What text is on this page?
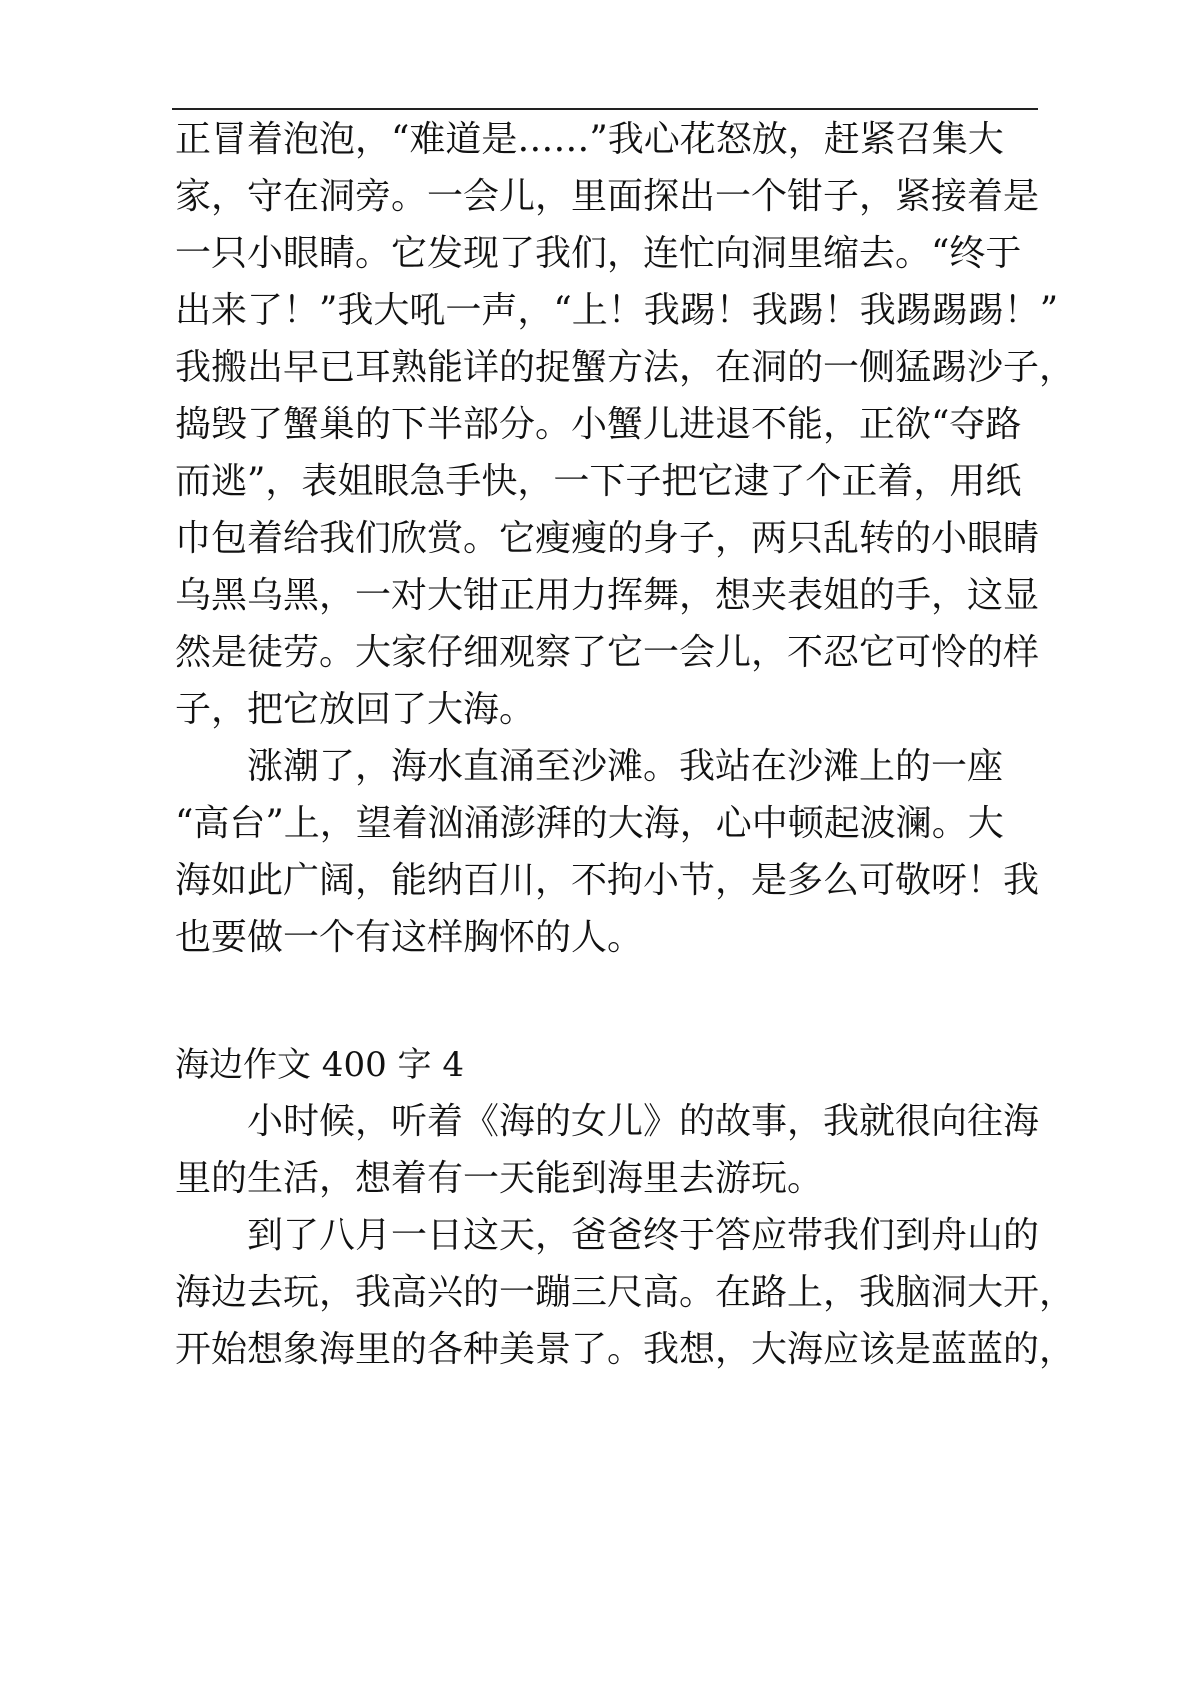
正冒着泡泡，“难道是……”我心花怒放，赶紧召集大
家，守在洞旁。一会儿，里面探出一个钳子，紧接着是
一只小眼睛。它发现了我们，连忙向洞里缩去。“终于
出来了！”我大吼一声，“上！我踢！我踢！我踢踢踢！”
我搬出早已耳熟能详的捉蟹方法，在洞的一侧猛踢沙子，
捣毁了蟹巢的下半部分。小蟹儿进退不能，正欲“夺路
而逃”，表姐眼急手快，一下子把它逮了个正着，用纸
巾包着给我们欣赏。它瘦瘦的身子，两只乱转的小眼睛
乌黑乌黑，一对大钳正用力挥舞，想夹表姐的手，这显
然是徒劳。大家仔细观察了它一会儿，不忍它可怜的样
子，把它放回了大海。
涨潮了，海水直涌至沙滩。我站在沙滩上的一座
“高台”上，望着汹涌澎湃的大海，心中顿起波澜。大
海如此广阔，能纳百川，不拘小节，是多么可敬呀！我
也要做一个有这样胸怀的人。
海边作文 400 字 4
小时候，听着《海的女儿》的故事，我就很向往海
里的生活，想着有一天能到海里去游玩。
到了八月一日这天，爸爸终于答应带我们到舟山的
海边去玩，我高兴的一蹦三尺高。在路上，我脑洞大开，
开始想象海里的各种美景了。我想，大海应该是蓝蓝的，
